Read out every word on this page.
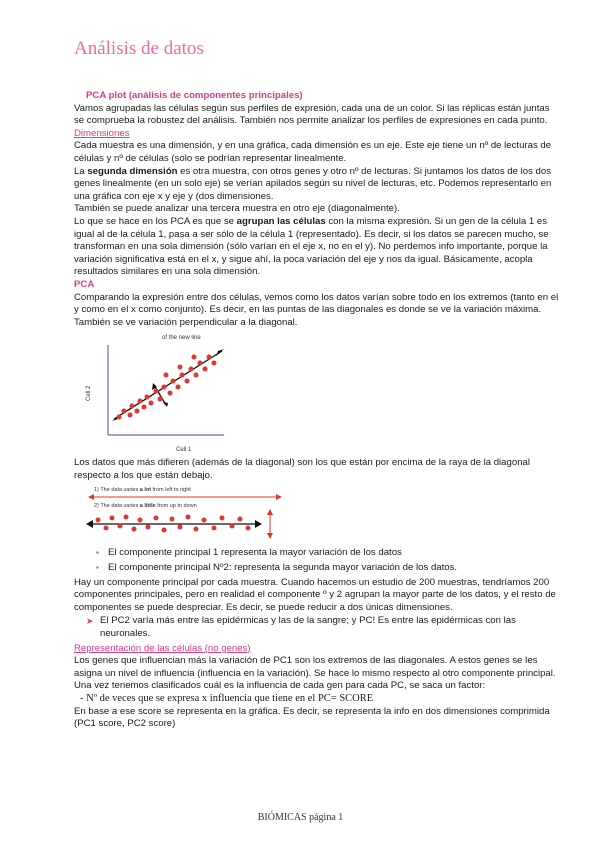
Análisis de datos

PCA plot (análisis de componentes principales)

Vamos agrupadas las células según sus perfiles de expresión, cada una de un color. Si las réplicas están juntas se comprueba la robustez del análisis. También nos permite analizar los perfiles de expresiones en cada punto.

Dimensiones

Cada muestra es una dimensión, y en una gráfica, cada dimensión es un eje. Este eje tiene un nº de lecturas de células y nº de células (solo se podrían representar linealmente.

La segunda dimensión es otra muestra, con otros genes y otro nº de lecturas. Si juntamos los datos de los dos genes linealmente (en un solo eje) se verían apilados según su nivel de lecturas, etc. Podemos representarlo en una gráfica con eje x y eje y (dos dimensiones.

También se puede analizar una tercera muestra en otro eje (diagonalmente).

Lo que se hace en los PCA es que se agrupan las células con la misma expresión. Si un gen de la célula 1 es igual al de la célula 1, pasa a ser sólo de la célula 1 (representado). Es decir, si los datos se parecen mucho, se transforman en una sola dimensión (sólo varían en el eje x, no en el y). No perdemos info importante, porque la variación significativa está en el x, y sigue ahí, la poca variación del eje y nos da igual. Básicamente, acopla resultados similares en una sola dimensión.

PCA

Comparando la expresión entre dos células, vemos como los datos varían sobre todo en los extremos (tanto en el y como en el x como conjunto). Es decir, en las puntas de las diagonales es donde se ve la variación máxima. También se ve variación perpendicular a la diagonal.

of the new line
Cell 2
Cell 1

Los datos que más difieren (además de la diagonal) son los que están por encima de la raya de la diagonal respecto a los que están debajo.

1) The data varies a lot from left to right
2) The data varies a little from up to down
▪ El componente principal 1 representa la mayor variación de los datos
▪ El componente principal Nº2: representa la segunda mayor variación de los datos.

Hay un componente principal por cada muestra. Cuando hacemos un estudio de 200 muestras, tendríamos 200 componentes principales, pero en realidad el componente º y 2 agrupan la mayor parte de los datos, y el resto de componentes se puede despreciar. Es decir, se puede reducir a dos únicas dimensiones.

➤ El PC2 varía más entre las epidérmicas y las de la sangre; y PC! Es entre las epidérmicas con las neuronales.

Representación de las células (no genes)

Los genes que influencian más la variación de PC1 son los extremos de las diagonales. A estos genes se les asigna un nivel de influencia (influencia en la variación). Se hace lo mismo respecto al otro componente principal.

Una vez tenemos clasificados cuál es la influencia de cada gen para cada PC, se saca un factor:

- Nº de veces que se expresa x influencia que tiene en el PC= SCORE

En base a ese score se representa en la gráfica. Es decir, se representa la info en dos dimensiones comprimida (PC1 score, PC2 score)

BIÓMICAS página 1
